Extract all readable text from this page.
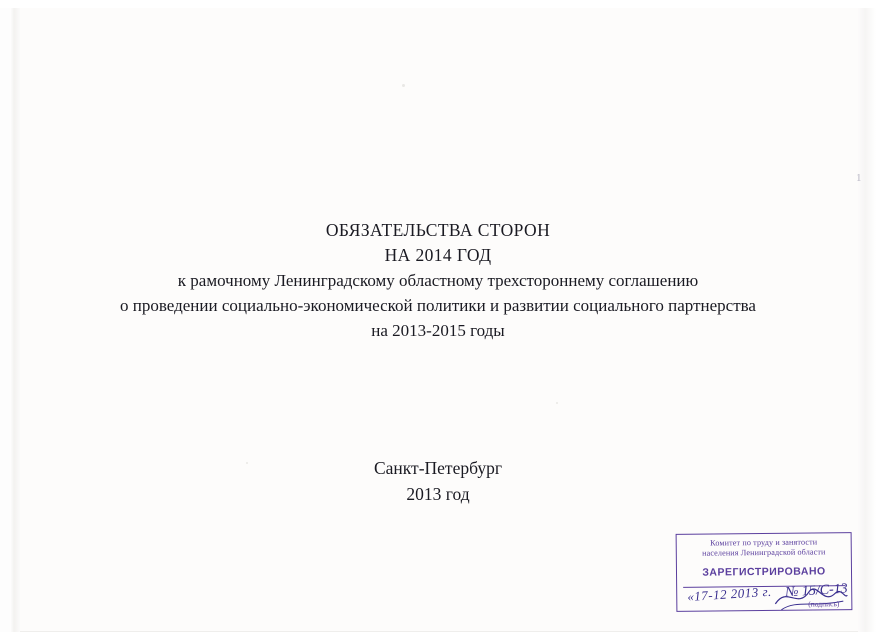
1
ОБЯЗАТЕЛЬСТВА СТОРОН
НА 2014 ГОД
к рамочному Ленинградскому областному трехстороннему соглашению
о проведении социально-экономической политики и развитии социального партнерства
на 2013-2015 годы
Санкт-Петербург
2013 год
Комитет по труду и занятости
населения Ленинградской области
ЗАРЕГИСТРИРОВАНО
«17-12 2013 г. № 15/С-13
(подпись)
